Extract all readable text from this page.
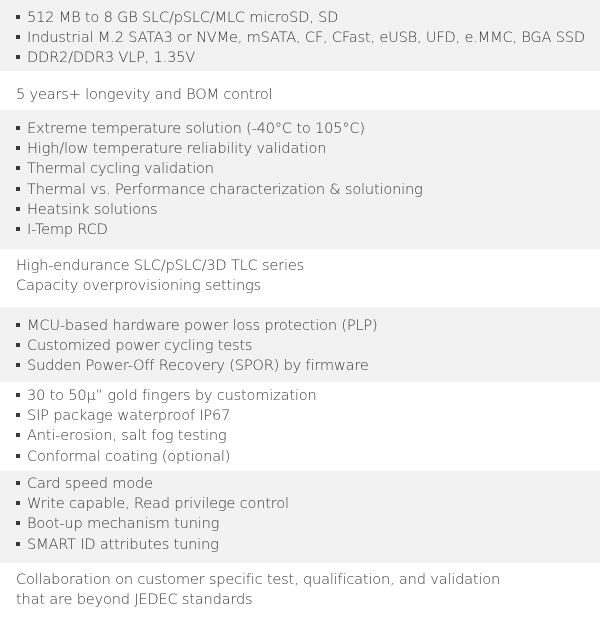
512 MB to 8 GB SLC/pSLC/MLC microSD, SD
Industrial M.2 SATA3 or NVMe, mSATA, CF, CFast, eUSB, UFD, e.MMC, BGA SSD
DDR2/DDR3 VLP, 1.35V
5 years+ longevity and BOM control
Extreme temperature solution (-40°C to 105°C)
High/low temperature reliability validation
Thermal cycling validation
Thermal vs. Performance characterization & solutioning
Heatsink solutions
I-Temp RCD
High-endurance SLC/pSLC/3D TLC series
Capacity overprovisioning settings
MCU-based hardware power loss protection (PLP)
Customized power cycling tests
Sudden Power-Off Recovery (SPOR) by firmware
30 to 50μ” gold fingers by customization
SIP package waterproof IP67
Anti-erosion, salt fog testing
Conformal coating (optional)
Card speed mode
Write capable, Read privilege control
Boot-up mechanism tuning
SMART ID attributes tuning
Collaboration on customer specific test, qualification, and validation
that are beyond JEDEC standards
